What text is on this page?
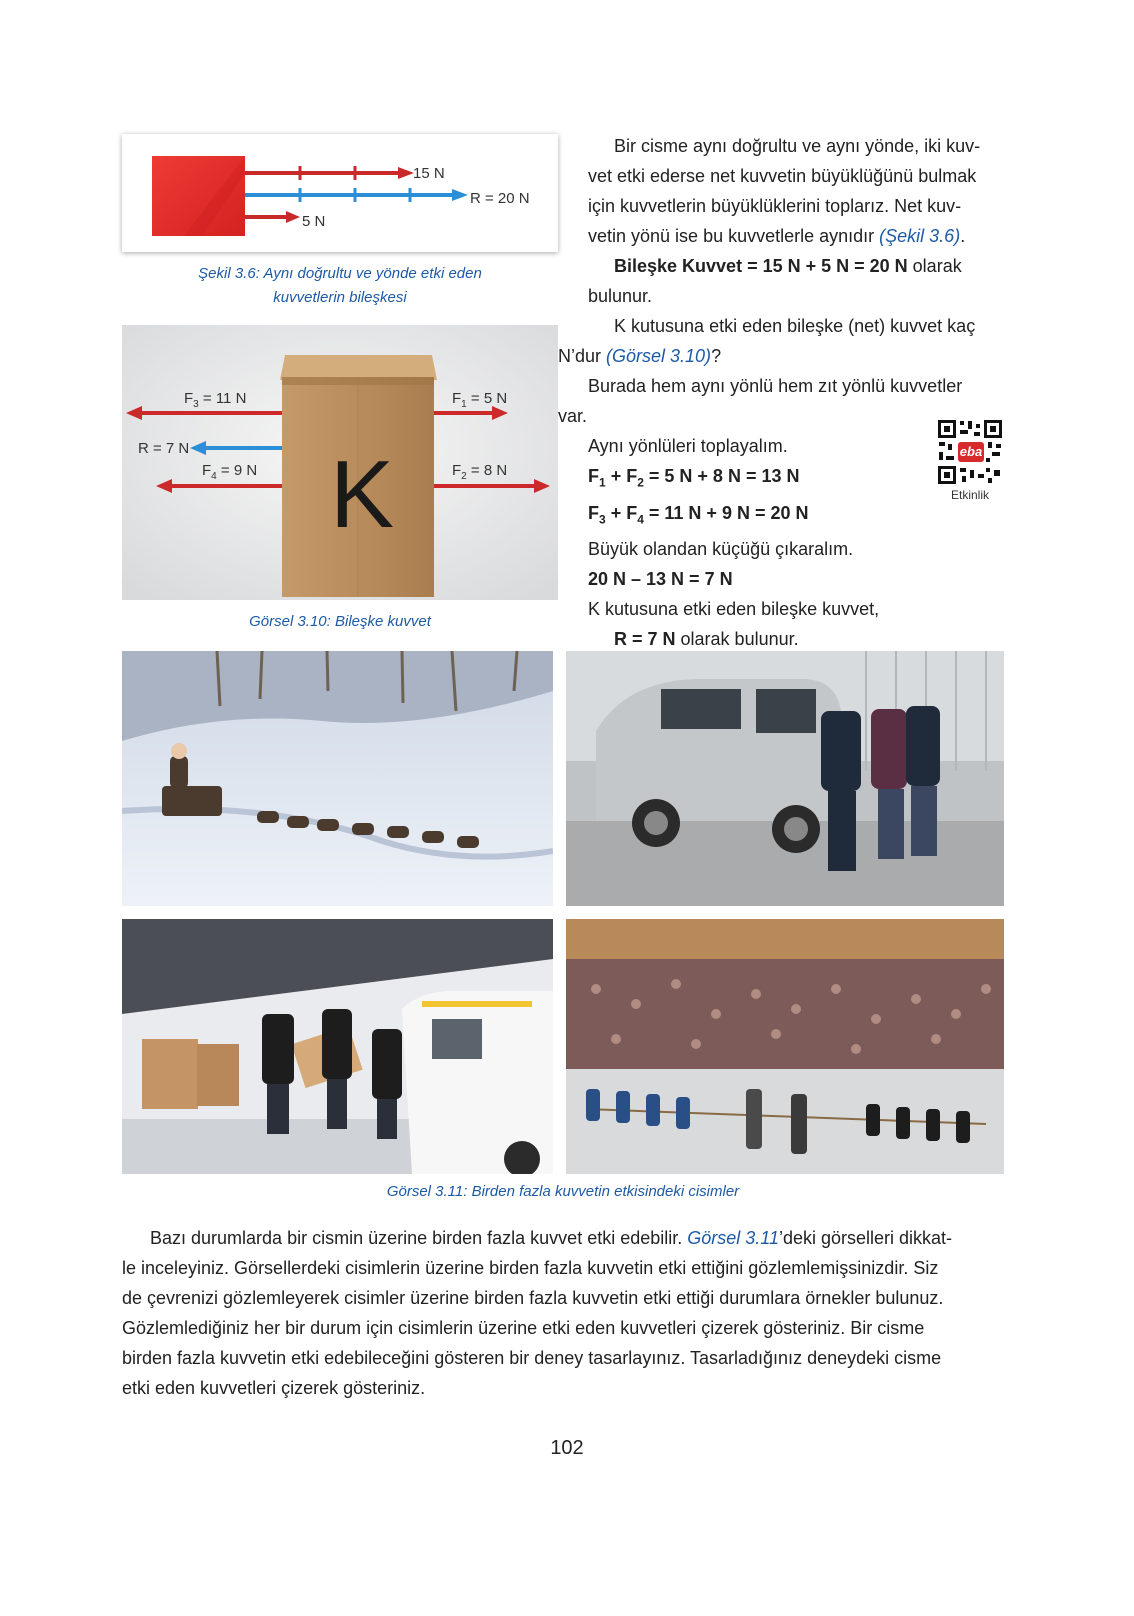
15 N
R = 20 N
5 N
Şekil 3.6: Aynı doğrultu ve yönde etki eden
kuvvetlerin bileşkesi
K
$F_3 = 11$ N	$F_1 = 5$ N
R = 7 N
$F_4 = 9$ N	$F_2 = 8$ N
Görsel 3.10: Bileşke kuvvet

Bir cisme aynı doğrultu ve aynı yönde, iki kuv-

vet etki ederse net kuvvetin büyüklüğünü bulmak

için kuvvetlerin büyüklüklerini toplarız. Net kuv-

vetin yönü ise bu kuvvetlerle aynıdır (Şekil 3.6).

Bileşke Kuvvet = 15 N + 5 N = 20 N olarak

bulunur.

K kutusuna etki eden bileşke (net) kuvvet kaç

N’dur (Görsel 3.10)?
Burada hem aynı yönlü hem zıt yönlü kuvvetler
var.

Aynı yönlüleri toplayalım.

$F_1 + F_2 = 5$ N + 8 N = 13 N

$F_3 + F_4 = 11$ N + 9 N = 20 N

Büyük olandan küçüğü çıkaralım.

20 N – 13 N = 7 N

K kutusuna etki eden bileşke kuvvet,

R = 7 N olarak bulunur.

eba
Etkinlik
Görsel 3.11: Birden fazla kuvvetin etkisindeki cisimler

Bazı durumlarda bir cismin üzerine birden fazla kuvvet etki edebilir. Görsel 3.11’deki görselleri dikkat-

le inceleyiniz. Görsellerdeki cisimlerin üzerine birden fazla kuvvetin etki ettiğini gözlemlemişsinizdir. Siz

de çevrenizi gözlemleyerek cisimler üzerine birden fazla kuvvetin etki ettiği durumlara örnekler bulunuz.

Gözlemlediğiniz her bir durum için cisimlerin üzerine etki eden kuvvetleri çizerek gösteriniz. Bir cisme

birden fazla kuvvetin etki edebileceğini gösteren bir deney tasarlayınız. Tasarladığınız deneydeki cisme

etki eden kuvvetleri çizerek gösteriniz.

102
